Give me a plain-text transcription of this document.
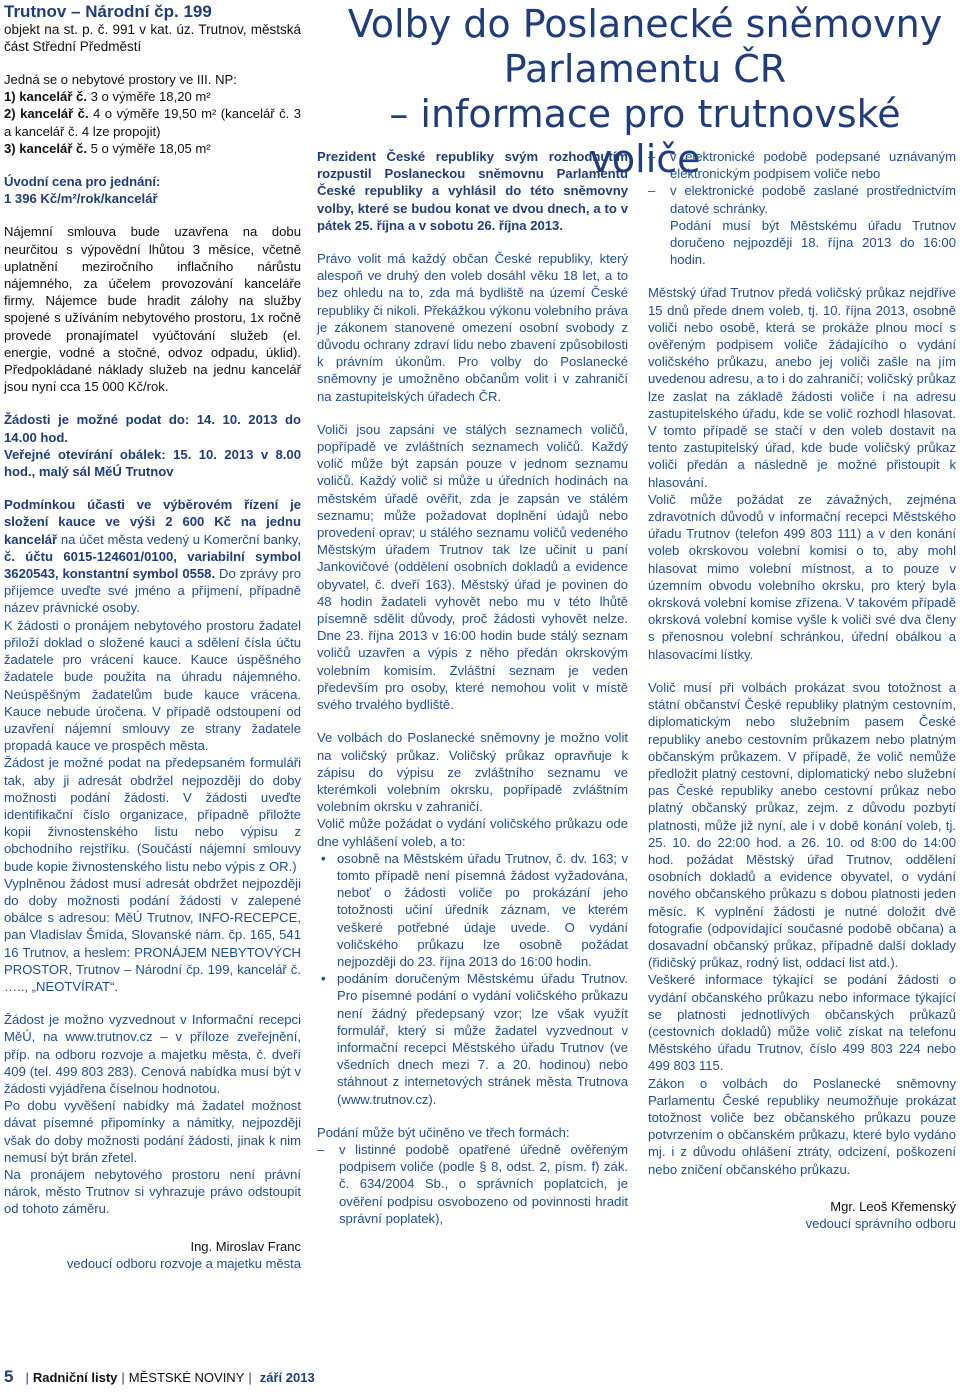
Trutnov – Národní čp. 199

objekt na st. p. č. 991 v kat. úz. Trutnov, městská část Střední Předměstí

Jedná se o nebytové prostory ve III. NP:

1) kancelář č. 3 o výměře 18,20 m²

2) kancelář č. 4 o výměře 19,50 m² (kancelář č. 3 a kancelář č. 4 lze propojit)

3) kancelář č. 5 o výměře 18,05 m²

Úvodní cena pro jednání:

1 396 Kč/m²/rok/kancelář

Nájemní smlouva bude uzavřena na dobu neurčitou s výpovědní lhůtou 3 měsíce, včetně uplatnění meziročního inflačního nárůstu nájemného, za účelem provozování kanceláře firmy. Nájemce bude hradit zálohy na služby spojené s užíváním nebytového prostoru, 1x ročně provede pronajímatel vyúčtování služeb (el. energie, vodné a stočné, odvoz odpadu, úklid). Předpokládané náklady služeb na jednu kancelář jsou nyní cca 15 000 Kč/rok.

Žádosti je možné podat do: 14. 10. 2013 do 14.00 hod.

Veřejné otevírání obálek: 15. 10. 2013 v 8.00 hod., malý sál MěÚ Trutnov

Podmínkou účasti ve výběrovém řízení je složení kauce ve výši 2 600 Kč na jednu kancelář na účet města vedený u Komerční banky, č. účtu 6015-124601/0100, variabilní symbol 3620543, konstantní symbol 0558. Do zprávy pro příjemce uveďte své jméno a příjmení, případně název právnické osoby.

K žádosti o pronájem nebytového prostoru žadatel přiloží doklad o složené kauci a sdělení čísla účtu žadatele pro vrácení kauce. Kauce úspěšného žadatele bude použita na úhradu nájemného. Neúspěšným žadatelům bude kauce vrácena. Kauce nebude úročena. V případě odstoupení od uzavření nájemní smlouvy ze strany žadatele propadá kauce ve prospěch města.

Žádost je možné podat na předepsaném formuláři tak, aby ji adresát obdržel nejpozději do doby možnosti podání žádosti. V žádosti uveďte identifikační číslo organizace, případně přiložte kopii živnostenského listu nebo výpisu z obchodního rejstříku. (Součástí nájemní smlouvy bude kopie živnostenského listu nebo výpis z OR.)

Vyplněnou žádost musí adresát obdržet nejpozději do doby možnosti podání žádosti v zalepené obálce s adresou: MěÚ Trutnov, INFO-RECEPCE, pan Vladislav Šmída, Slovanské nám. čp. 165, 541 16 Trutnov, a heslem: PRONÁJEM NEBYTOVÝCH PROSTOR, Trutnov – Národní čp. 199, kancelář č. ….., „NEOTVÍRAT“.

Žádost je možno vyzvednout v Informační recepci MěÚ, na www.trutnov.cz – v příloze zveřejnění, příp. na odboru rozvoje a majetku města, č. dveří 409 (tel. 499 803 283). Cenová nabídka musí být v žádosti vyjádřena číselnou hodnotou.

Po dobu vyvěšení nabídky má žadatel možnost dávat písemné připomínky a námitky, nejpozději však do doby možnosti podání žádosti, jinak k nim nemusí být brán zřetel.

Na pronájem nebytového prostoru není právní nárok, město Trutnov si vyhrazuje právo odstoupit od tohoto záměru.

Ing. Miroslav Franc

vedoucí odboru rozvoje a majetku města

Volby do Poslanecké sněmovny
Parlamentu ČR
– informace pro trutnovské voliče

Prezident České republiky svým rozhodnutím rozpustil Poslaneckou sněmovnu Parlamentu České republiky a vyhlásil do této sněmovny volby, které se budou konat ve dvou dnech, a to v pátek 25. října a v sobotu 26. října 2013.

Právo volit má každý občan České republiky, který alespoň ve druhý den voleb dosáhl věku 18 let, a to bez ohledu na to, zda má bydliště na území České republiky či nikoli. Překážkou výkonu volebního práva je zákonem stanovené omezení osobní svobody z důvodu ochrany zdraví lidu nebo zbavení způsobilosti k právním úkonům. Pro volby do Poslanecké sněmovny je umožněno občanům volit i v zahraničí na zastupitelských úřadech ČR.

Voliči jsou zapsáni ve stálých seznamech voličů, popřípadě ve zvláštních seznamech voličů. Každý volič může být zapsán pouze v jednom seznamu voličů. Každý volič si může u úředních hodinách na městském úřadě ověřit, zda je zapsán ve stálém seznamu; může požadovat doplnění údajů nebo provedení oprav; u stálého seznamu voličů vedeného Městským úřadem Trutnov tak lze učinit u paní Jankovičové (oddělení osobních dokladů a evidence obyvatel, č. dveří 163). Městský úřad je povinen do 48 hodin žadateli vyhovět nebo mu v této lhůtě písemně sdělit důvody, proč žádosti vyhovět nelze. Dne 23. října 2013 v 16:00 hodin bude stálý seznam voličů uzavřen a výpis z něho předán okrskovým volebním komisím. Zvláštní seznam je veden především pro osoby, které nemohou volit v místě svého trvalého bydliště.

Ve volbách do Poslanecké sněmovny je možno volit na voličský průkaz. Voličský průkaz opravňuje k zápisu do výpisu ze zvláštního seznamu ve kterémkoli volebním okrsku, popřípadě zvláštním volebním okrsku v zahraničí.

Volič může požádat o vydání voličského průkazu ode dne vyhlášení voleb, a to:

• osobně na Městském úřadu Trutnov, č. dv. 163; v tomto případě není písemná žádost vyžadována, neboť o žádosti voliče po prokázání jeho totožnosti učiní úředník záznam, ve kterém veškeré potřebné údaje uvede. O vydání voličského průkazu lze osobně požádat nejpozději do 23. října 2013 do 16:00 hodin.
• podáním doručeným Městskému úřadu Trutnov. Pro písemné podání o vydání voličského průkazu není žádný předepsaný vzor; lze však využít formulář, který si může žadatel vyzvednout v informační recepci Městského úřadu Trutnov (ve všedních dnech mezi 7. a 20. hodinou) nebo stáhnout z internetových stránek města Trutnova (www.trutnov.cz).

Podání může být učiněno ve třech formách:

– v listinné podobě opatřené úředně ověřeným podpisem voliče (podle § 8, odst. 2, písm. f) zák. č. 634/2004 Sb., o správních poplatcích, je ověření podpisu osvobozeno od povinnosti hradit správní poplatek),
– v elektronické podobě podepsané uznávaným elektronickým podpisem voliče nebo
– v elektronické podobě zaslané prostřednictvím datové schránky.

Podání musí být Městskému úřadu Trutnov doručeno nejpozději 18. října 2013 do 16:00 hodin.

Městský úřad Trutnov předá voličský průkaz nejdříve 15 dnů přede dnem voleb, tj. 10. října 2013, osobně voliči nebo osobě, která se prokáže plnou mocí s ověřeným podpisem voliče žádajícího o vydání voličského průkazu, anebo jej voliči zašle na jím uvedenou adresu, a to i do zahraničí; voličský průkaz lze zaslat na základě žádosti voliče i na adresu zastupitelského úřadu, kde se volič rozhodl hlasovat. V tomto případě se stačí v den voleb dostavit na tento zastupitelský úřad, kde bude voličský průkaz voliči předán a následně je možné přistoupit k hlasování.

Volič může požádat ze závažných, zejména zdravotních důvodů v informační recepci Městského úřadu Trutnov (telefon 499 803 111) a v den konání voleb okrskovou volební komisi o to, aby mohl hlasovat mimo volební místnost, a to pouze v územním obvodu volebního okrsku, pro který byla okrsková volební komise zřízena. V takovém případě okrsková volební komise vyšle k voliči své dva členy s přenosnou volební schránkou, úřední obálkou a hlasovacími lístky.

Volič musí při volbách prokázat svou totožnost a státní občanství České republiky platným cestovním, diplomatickým nebo služebním pasem České republiky anebo cestovním průkazem nebo platným občanským průkazem. V případě, že volič nemůže předložit platný cestovní, diplomatický nebo služební pas České republiky anebo cestovní průkaz nebo platný občanský průkaz, zejm. z důvodu pozbytí platnosti, může již nyní, ale i v době konání voleb, tj. 25. 10. do 22:00 hod. a 26. 10. od 8:00 do 14:00 hod. požádat Městský úřad Trutnov, oddělení osobních dokladů a evidence obyvatel, o vydání nového občanského průkazu s dobou platnosti jeden měsíc. K vyplnění žádosti je nutné doložit dvě fotografie (odpovídající současné podobě občana) a dosavadní občanský průkaz, případně další doklady (řidičský průkaz, rodný list, oddací list atd.).

Veškeré informace týkající se podání žádosti o vydání občanského průkazu nebo informace týkající se platnosti jednotlivých občanských průkazů (cestovních dokladů) může volič získat na telefonu Městského úřadu Trutnov, číslo 499 803 224 nebo 499 803 115.

Zákon o volbách do Poslanecké sněmovny Parlamentu České republiky neumožňuje prokázat totožnost voliče bez občanského průkazu pouze potvrzením o občanském průkazu, které bylo vydáno mj. i z důvodu ohlášení ztráty, odcizení, poškození nebo zničení občanského průkazu.

Mgr. Leoš Křemenský

vedoucí správního odboru

5 | Radniční listy | MĚSTSKÉ NOVINY | září 2013
